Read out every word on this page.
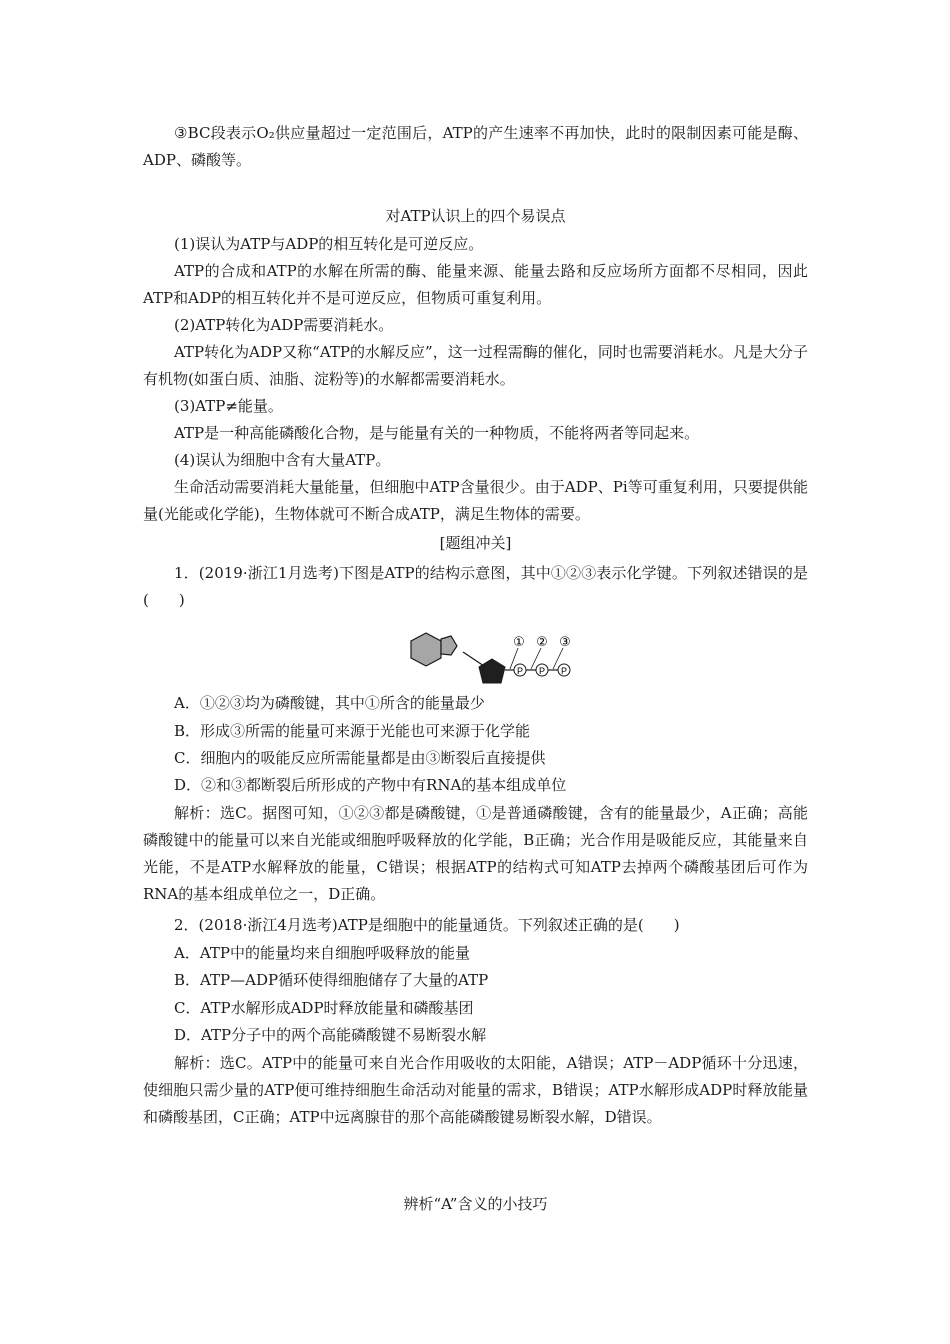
③BC段表示O₂供应量超过一定范围后，ATP的产生速率不再加快，此时的限制因素可能是酶、ADP、磷酸等。

对ATP认识上的四个易误点

(1)误认为ATP与ADP的相互转化是可逆反应。

ATP的合成和ATP的水解在所需的酶、能量来源、能量去路和反应场所方面都不尽相同，因此ATP和ADP的相互转化并不是可逆反应，但物质可重复利用。

(2)ATP转化为ADP需要消耗水。

ATP转化为ADP又称“ATP的水解反应”，这一过程需酶的催化，同时也需要消耗水。凡是大分子有机物(如蛋白质、油脂、淀粉等)的水解都需要消耗水。

(3)ATP≠能量。

ATP是一种高能磷酸化合物，是与能量有关的一种物质，不能将两者等同起来。

(4)误认为细胞中含有大量ATP。

生命活动需要消耗大量能量，但细胞中ATP含量很少。由于ADP、Pi等可重复利用，只要提供能量(光能或化学能)，生物体就可不断合成ATP，满足生物体的需要。

[题组冲关]

1．(2019·浙江1月选考)下图是ATP的结构示意图，其中①②③表示化学键。下列叙述错误的是(　　)

P P P
① ② ③

A．①②③均为磷酸键，其中①所含的能量最少

B．形成③所需的能量可来源于光能也可来源于化学能

C．细胞内的吸能反应所需能量都是由③断裂后直接提供

D．②和③都断裂后所形成的产物中有RNA的基本组成单位

解析：选C。据图可知，①②③都是磷酸键，①是普通磷酸键，含有的能量最少，A正确；高能磷酸键中的能量可以来自光能或细胞呼吸释放的化学能，B正确；光合作用是吸能反应，其能量来自光能，不是ATP水解释放的能量，C错误；根据ATP的结构式可知ATP去掉两个磷酸基团后可作为RNA的基本组成单位之一，D正确。

2．(2018·浙江4月选考)ATP是细胞中的能量通货。下列叙述正确的是(　　)

A．ATP中的能量均来自细胞呼吸释放的能量

B．ATP—ADP循环使得细胞储存了大量的ATP

C．ATP水解形成ADP时释放能量和磷酸基团

D．ATP分子中的两个高能磷酸键不易断裂水解

解析：选C。ATP中的能量可来自光合作用吸收的太阳能，A错误；ATP－ADP循环十分迅速，使细胞只需少量的ATP便可维持细胞生命活动对能量的需求，B错误；ATP水解形成ADP时释放能量和磷酸基团，C正确；ATP中远离腺苷的那个高能磷酸键易断裂水解，D错误。

辨析“A”含义的小技巧
